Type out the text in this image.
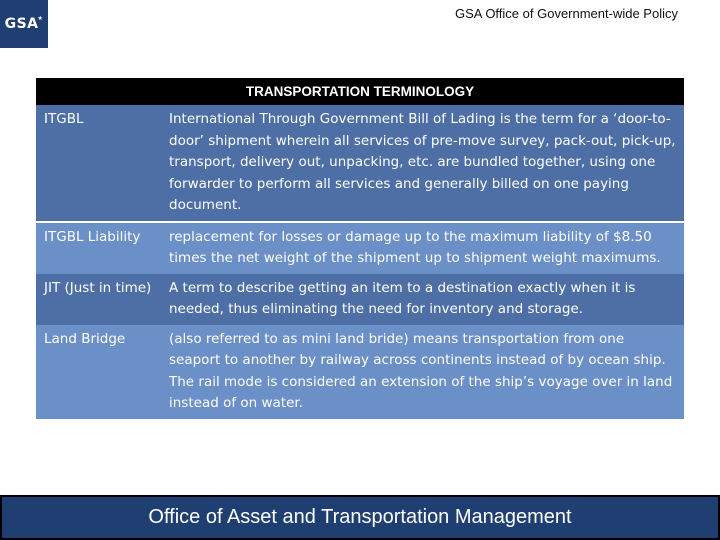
GSA ★	GSA Office of Government-wide Policy
TRANSPORTATION TERMINOLOGY	
ITGBL	International Through Government Bill of Lading is the term for a ‘door-to-door’ shipment wherein all services of pre-move survey, pack-out, pick-up, transport, delivery out, unpacking, etc. are bundled together, using one forwarder to perform all services and generally billed on one paying document.
ITGBL Liability	replacement for losses or damage up to the maximum liability of $8.50 times the net weight of the shipment up to shipment weight maximums.
JIT (Just in time)	A term to describe getting an item to a destination exactly when it is needed, thus eliminating the need for inventory and storage.
Land Bridge	(also referred to as mini land bride) means transportation from one seaport to another by railway across continents instead of by ocean ship. The rail mode is considered an extension of the ship’s voyage over in land instead of on water.
Office of Asset and Transportation Management
